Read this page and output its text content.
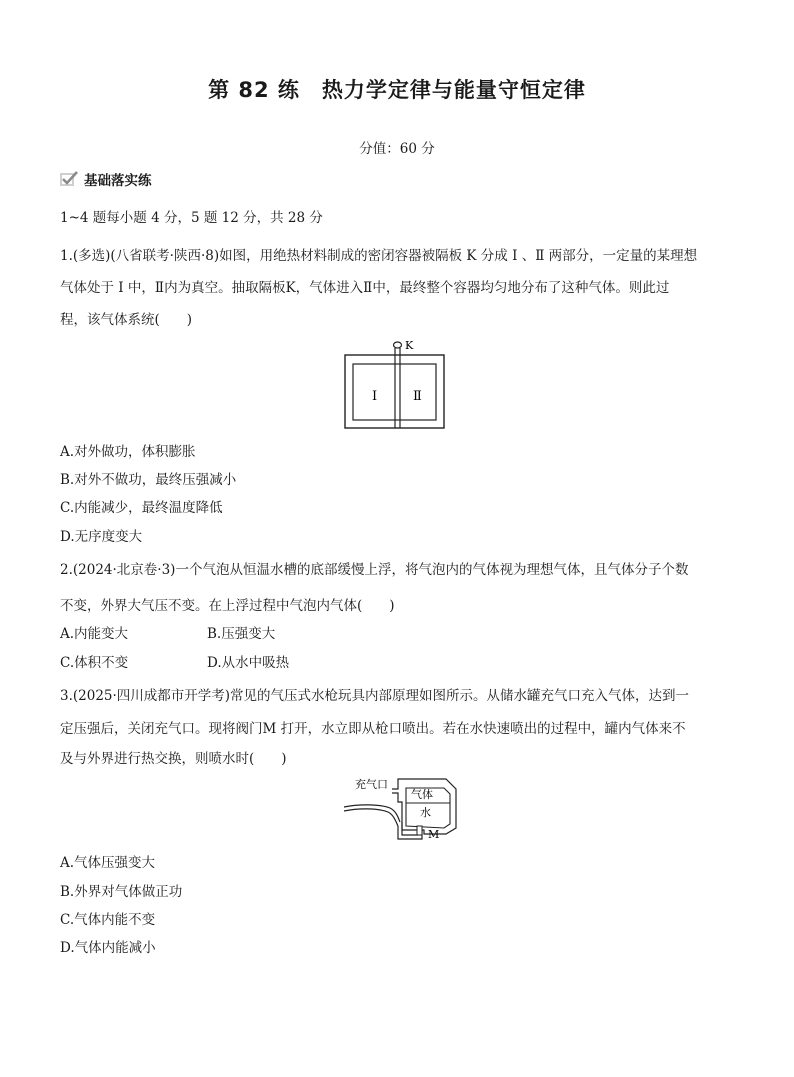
第 82 练　热力学定律与能量守恒定律
分值：60 分
基础落实练
1~4 题每小题 4 分，5 题 12 分，共 28 分
1.(多选)(八省联考·陕西·8)如图，用绝热材料制成的密闭容器被隔板 K 分成 Ⅰ 、Ⅱ 两部分，一定量的某理想
气体处于 Ⅰ 中，Ⅱ内为真空。抽取隔板K，气体进入Ⅱ中，最终整个容器均匀地分布了这种气体。则此过
程，该气体系统(　　)
K
Ⅰ	Ⅱ
A.对外做功，体积膨胀
B.对外不做功，最终压强减小
C.内能减少，最终温度降低
D.无序度变大
2.(2024·北京卷·3)一个气泡从恒温水槽的底部缓慢上浮，将气泡内的气体视为理想气体，且气体分子个数
不变，外界大气压不变。在上浮过程中气泡内气体(　　)
A.内能变大	B.压强变大
C.体积不变	D.从水中吸热
3.(2025·四川成都市开学考)常见的气压式水枪玩具内部原理如图所示。从储水罐充气口充入气体，达到一
定压强后，关闭充气口。现将阀门M 打开，水立即从枪口喷出。若在水快速喷出的过程中，罐内气体来不
及与外界进行热交换，则喷水时(　　)
充气口
气体
水
M
A.气体压强变大
B.外界对气体做正功
C.气体内能不变
D.气体内能减小
